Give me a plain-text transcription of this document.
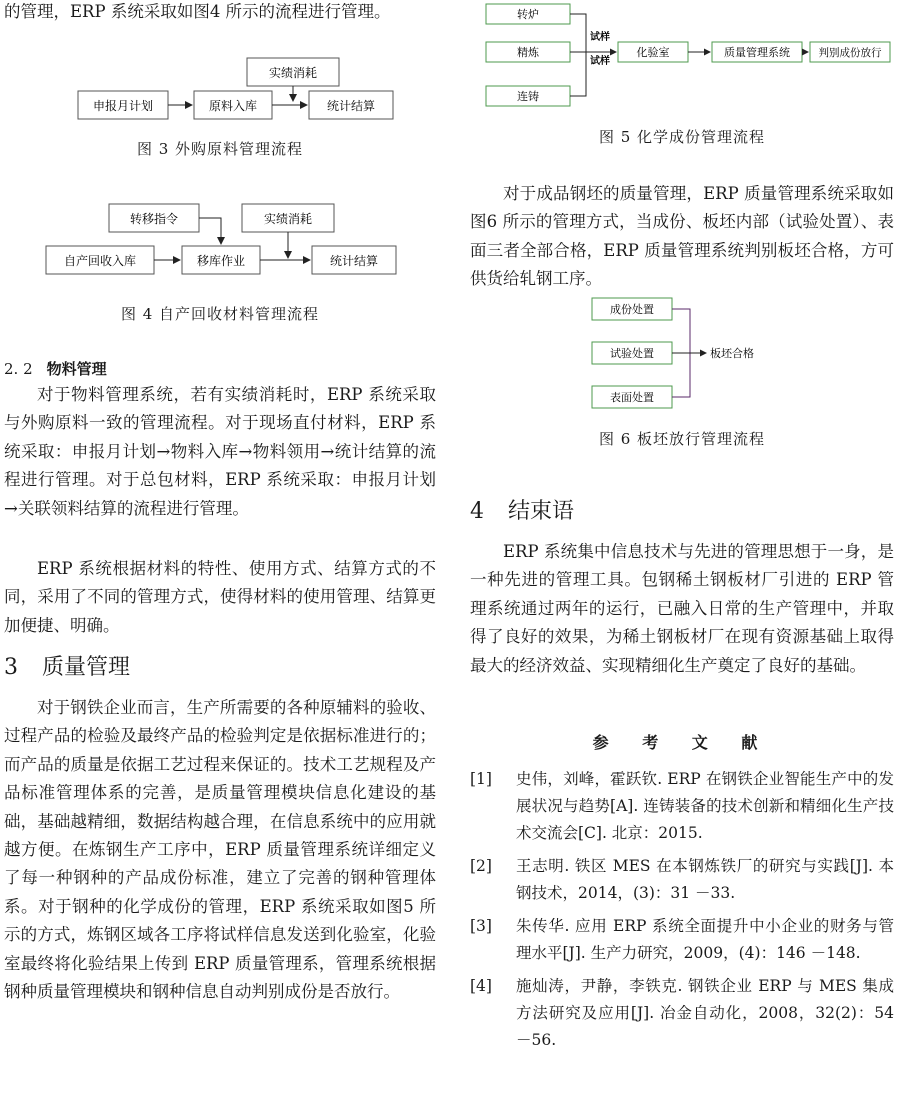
的管理，ERP 系统采取如图4 所示的流程进行管理。

实绩消耗
申报月计划	原料入库	统计结算

图 3 外购原料管理流程

转移指令	实绩消耗
自产回收入库	移库作业	统计结算

图 4 自产回收材料管理流程

2. 2 物料管理

对于物料管理系统，若有实绩消耗时，ERP 系统采取与外购原料一致的管理流程。对于现场直付材料，ERP 系统采取：申报月计划→物料入库→物料领用→统计结算的流程进行管理。对于总包材料，ERP 系统采取：申报月计划→关联领料结算的流程进行管理。

ERP 系统根据材料的特性、使用方式、结算方式的不同，采用了不同的管理方式，使得材料的使用管理、结算更加便捷、明确。

3 质量管理

对于钢铁企业而言，生产所需要的各种原辅料的验收、过程产品的检验及最终产品的检验判定是依据标准进行的；而产品的质量是依据工艺过程来保证的。技术工艺规程及产品标准管理体系的完善，是质量管理模块信息化建设的基础，基础越精细，数据结构越合理，在信息系统中的应用就越方便。在炼钢生产工序中，ERP 质量管理系统详细定义了每一种钢种的产品成份标准，建立了完善的钢种管理体系。对于钢种的化学成份的管理，ERP 系统采取如图5 所示的方式，炼钢区域各工序将试样信息发送到化验室，化验室最终将化验结果上传到 ERP 质量管理系，管理系统根据钢种质量管理模块和钢种信息自动判别成份是否放行。

转炉
精炼
连铸
试样
试样
化验室	质量管理系统	判别成份放行

图 5 化学成份管理流程

对于成品钢坯的质量管理，ERP 质量管理系统采取如图6 所示的管理方式，当成份、板坯内部（试验处置）、表面三者全部合格，ERP 质量管理系统判别板坯合格，方可供货给轧钢工序。

成份处置
试验处置
表面处置
板坯合格

图 6 板坯放行管理流程

4 结束语

ERP 系统集中信息技术与先进的管理思想于一身，是一种先进的管理工具。包钢稀土钢板材厂引进的 ERP 管理系统通过两年的运行，已融入日常的生产管理中，并取得了良好的效果，为稀土钢板材厂在现有资源基础上取得最大的经济效益、实现精细化生产奠定了良好的基础。

参 考 文 献

[1]	史伟，刘峰，霍跃钦. ERP 在钢铁企业智能生产中的发展状况与趋势[A]. 连铸装备的技术创新和精细化生产技术交流会[C]. 北京：2015.
[2]	王志明. 铁区 MES 在本钢炼铁厂的研究与实践[J]. 本钢技术，2014，(3)：31 －33.
[3]	朱传华. 应用 ERP 系统全面提升中小企业的财务与管理水平[J]. 生产力研究，2009，(4)：146 －148.
[4]	施灿涛，尹静，李铁克. 钢铁企业 ERP 与 MES 集成方法研究及应用[J]. 冶金自动化，2008，32(2)：54 －56.
